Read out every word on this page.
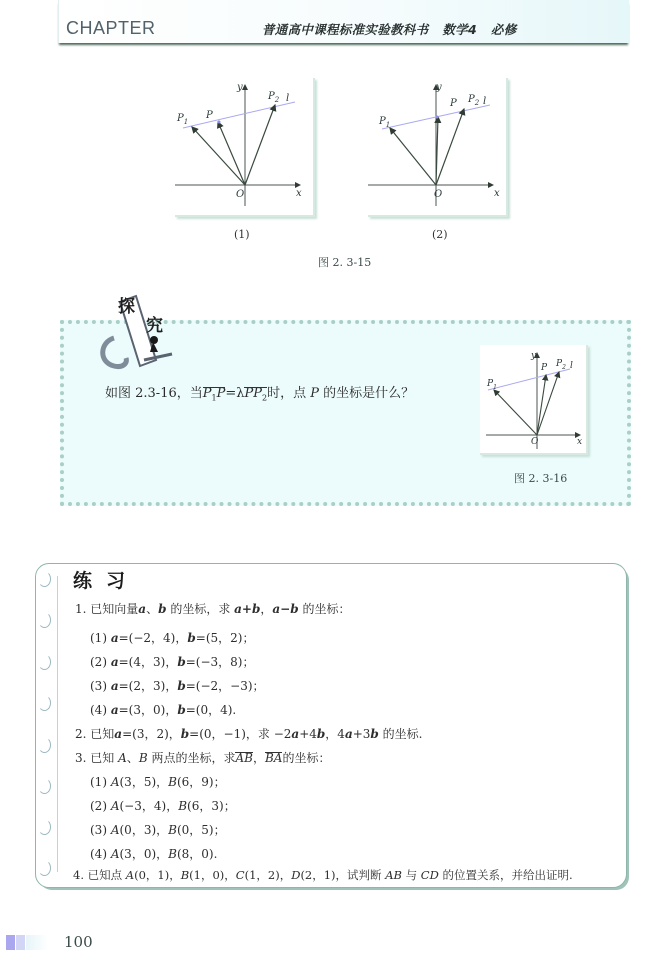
CHAPTER	普通高中课程标准实验教科书   数学4   必修
$P_1$
P
$P_2$ l
y
x
O
(1)
$P_1$
P $P_2$ l
y
x
O
(2)
图 2. 3-15
探
究
如图 2.3-16，当$P_1P=\lambda PP_2$时，点 P 的坐标是什么？
$P_1$
P $P_2$ l
y
x
O
图 2. 3-16
练习
1. 已知向量a、b 的坐标，求 a+b，a−b 的坐标：
(1) a=(−2，4)，b=(5，2)；
(2) a=(4，3)，b=(−3，8)；
(3) a=(2，3)，b=(−2，−3)；
(4) a=(3，0)，b=(0，4).
2. 已知a=(3，2)，b=(0，−1)，求 −2a+4b，4a+3b 的坐标.
3. 已知 A、B 两点的坐标，求AB，BA的坐标：
(1) A(3，5)，B(6，9)；
(2) A(−3，4)，B(6，3)；
(3) A(0，3)，B(0，5)；
(4) A(3，0)，B(8，0).
4. 已知点 A(0，1)，B(1，0)，C(1，2)，D(2，1)，试判断 AB 与 CD 的位置关系，并给出证明.
100
